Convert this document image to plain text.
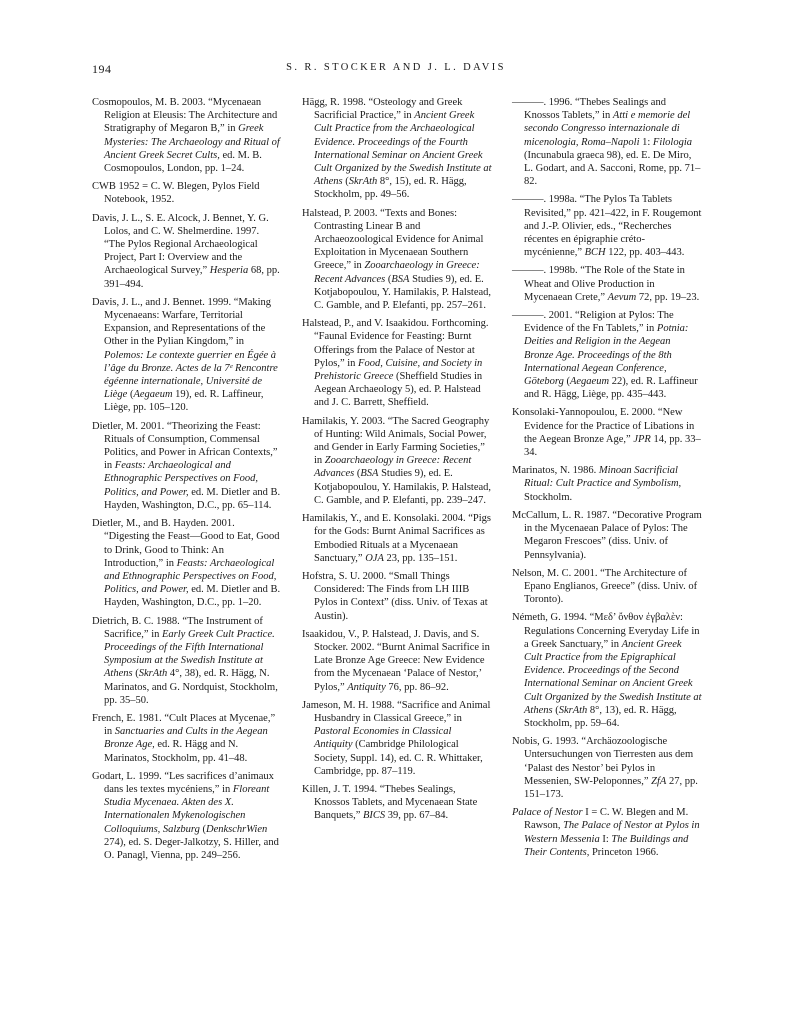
194	S. R. STOCKER AND J. L. DAVIS
Cosmopoulos, M. B. 2003. “Mycenaean Religion at Eleusis: The Architecture and Stratigraphy of Megaron B,” in Greek Mysteries: The Archaeology and Ritual of Ancient Greek Secret Cults, ed. M. B. Cosmopoulos, London, pp. 1–24.
CWB 1952 = C. W. Blegen, Pylos Field Notebook, 1952.
Davis, J. L., S. E. Alcock, J. Bennet, Y. G. Lolos, and C. W. Shelmerdine. 1997. “The Pylos Regional Archaeological Project, Part I: Overview and the Archaeological Survey,” Hesperia 68, pp. 391–494.
Davis, J. L., and J. Bennet. 1999. “Making Mycenaeans: Warfare, Territorial Expansion, and Representations of the Other in the Pylian Kingdom,” in Polemos: Le contexte guerrier en Égée à l’âge du Bronze. Actes de la 7ᵉ Rencontre égéenne internationale, Université de Liège (Aegaeum 19), ed. R. Laffineur, Liège, pp. 105–120.
Dietler, M. 2001. “Theorizing the Feast: Rituals of Consumption, Commensal Politics, and Power in African Contexts,” in Feasts: Archaeological and Ethnographic Perspectives on Food, Politics, and Power, ed. M. Dietler and B. Hayden, Washington, D.C., pp. 65–114.
Dietler, M., and B. Hayden. 2001. “Digesting the Feast—Good to Eat, Good to Drink, Good to Think: An Introduction,” in Feasts: Archaeological and Ethnographic Perspectives on Food, Politics, and Power, ed. M. Dietler and B. Hayden, Washington, D.C., pp. 1–20.
Dietrich, B. C. 1988. “The Instrument of Sacrifice,” in Early Greek Cult Practice. Proceedings of the Fifth International Symposium at the Swedish Institute at Athens (SkrAth 4°, 38), ed. R. Hägg, N. Marinatos, and G. Nordquist, Stockholm, pp. 35–50.
French, E. 1981. “Cult Places at Mycenae,” in Sanctuaries and Cults in the Aegean Bronze Age, ed. R. Hägg and N. Marinatos, Stockholm, pp. 41–48.
Godart, L. 1999. “Les sacrifices d’animaux dans les textes mycéniens,” in Floreant Studia Mycenaea. Akten des X. Internationalen Mykenologischen Colloquiums, Salzburg (DenkschrWien 274), ed. S. Deger-Jalkotzy, S. Hiller, and O. Panagl, Vienna, pp. 249–256.
Hägg, R. 1998. “Osteology and Greek Sacrificial Practice,” in Ancient Greek Cult Practice from the Archaeological Evidence. Proceedings of the Fourth International Seminar on Ancient Greek Cult Organized by the Swedish Institute at Athens (SkrAth 8°, 15), ed. R. Hägg, Stockholm, pp. 49–56.
Halstead, P. 2003. “Texts and Bones: Contrasting Linear B and Archaeozoological Evidence for Animal Exploitation in Mycenaean Southern Greece,” in Zooarchaeology in Greece: Recent Advances (BSA Studies 9), ed. E. Kotjabopoulou, Y. Hamilakis, P. Halstead, C. Gamble, and P. Elefanti, pp. 257–261.
Halstead, P., and V. Isaakidou. Forthcoming. “Faunal Evidence for Feasting: Burnt Offerings from the Palace of Nestor at Pylos,” in Food, Cuisine, and Society in Prehistoric Greece (Sheffield Studies in Aegean Archaeology 5), ed. P. Halstead and J. C. Barrett, Sheffield.
Hamilakis, Y. 2003. “The Sacred Geography of Hunting: Wild Animals, Social Power, and Gender in Early Farming Societies,” in Zooarchaeology in Greece: Recent Advances (BSA Studies 9), ed. E. Kotjabopoulou, Y. Hamilakis, P. Halstead, C. Gamble, and P. Elefanti, pp. 239–247.
Hamilakis, Y., and E. Konsolaki. 2004. “Pigs for the Gods: Burnt Animal Sacrifices as Embodied Rituals at a Mycenaean Sanctuary,” OJA 23, pp. 135–151.
Hofstra, S. U. 2000. “Small Things Considered: The Finds from LH IIIB Pylos in Context” (diss. Univ. of Texas at Austin).
Isaakidou, V., P. Halstead, J. Davis, and S. Stocker. 2002. “Burnt Animal Sacrifice in Late Bronze Age Greece: New Evidence from the Mycenaean ‘Palace of Nestor,’ Pylos,” Antiquity 76, pp. 86–92.
Jameson, M. H. 1988. “Sacrifice and Animal Husbandry in Classical Greece,” in Pastoral Economies in Classical Antiquity (Cambridge Philological Society, Suppl. 14), ed. C. R. Whittaker, Cambridge, pp. 87–119.
Killen, J. T. 1994. “Thebes Sealings, Knossos Tablets, and Mycenaean State Banquets,” BICS 39, pp. 67–84.
———. 1996. “Thebes Sealings and Knossos Tablets,” in Atti e memorie del secondo Congresso internazionale di micenologia, Roma–Napoli 1: Filologia (Incunabula graeca 98), ed. E. De Miro, L. Godart, and A. Sacconi, Rome, pp. 71–82.
———. 1998a. “The Pylos Ta Tablets Revisited,” pp. 421–422, in F. Rougemont and J.-P. Olivier, eds., “Recherches récentes en épigraphie créto-mycénienne,” BCH 122, pp. 403–443.
———. 1998b. “The Role of the State in Wheat and Olive Production in Mycenaean Crete,” Aevum 72, pp. 19–23.
———. 2001. “Religion at Pylos: The Evidence of the Fn Tablets,” in Potnia: Deities and Religion in the Aegean Bronze Age. Proceedings of the 8th International Aegean Conference, Göteborg (Aegaeum 22), ed. R. Laffineur and R. Hägg, Liège, pp. 435–443.
Konsolaki-Yannopoulou, E. 2000. “New Evidence for the Practice of Libations in the Aegean Bronze Age,” JPR 14, pp. 33–34.
Marinatos, N. 1986. Minoan Sacrificial Ritual: Cult Practice and Symbolism, Stockholm.
McCallum, L. R. 1987. “Decorative Program in the Mycenaean Palace of Pylos: The Megaron Frescoes” (diss. Univ. of Pennsylvania).
Nelson, M. C. 2001. “The Architecture of Epano Englianos, Greece” (diss. Univ. of Toronto).
Németh, G. 1994. “Μεδ’ ὄνθον ἐγβαλὲν: Regulations Concerning Everyday Life in a Greek Sanctuary,” in Ancient Greek Cult Practice from the Epigraphical Evidence. Proceedings of the Second International Seminar on Ancient Greek Cult Organized by the Swedish Institute at Athens (SkrAth 8°, 13), ed. R. Hägg, Stockholm, pp. 59–64.
Nobis, G. 1993. “Archäozoologische Untersuchungen von Tierresten aus dem ‘Palast des Nestor’ bei Pylos in Messenien, SW-Peloponnes,” ZfA 27, pp. 151–173.
Palace of Nestor I = C. W. Blegen and M. Rawson, The Palace of Nestor at Pylos in Western Messenia I: The Buildings and Their Contents, Princeton 1966.
